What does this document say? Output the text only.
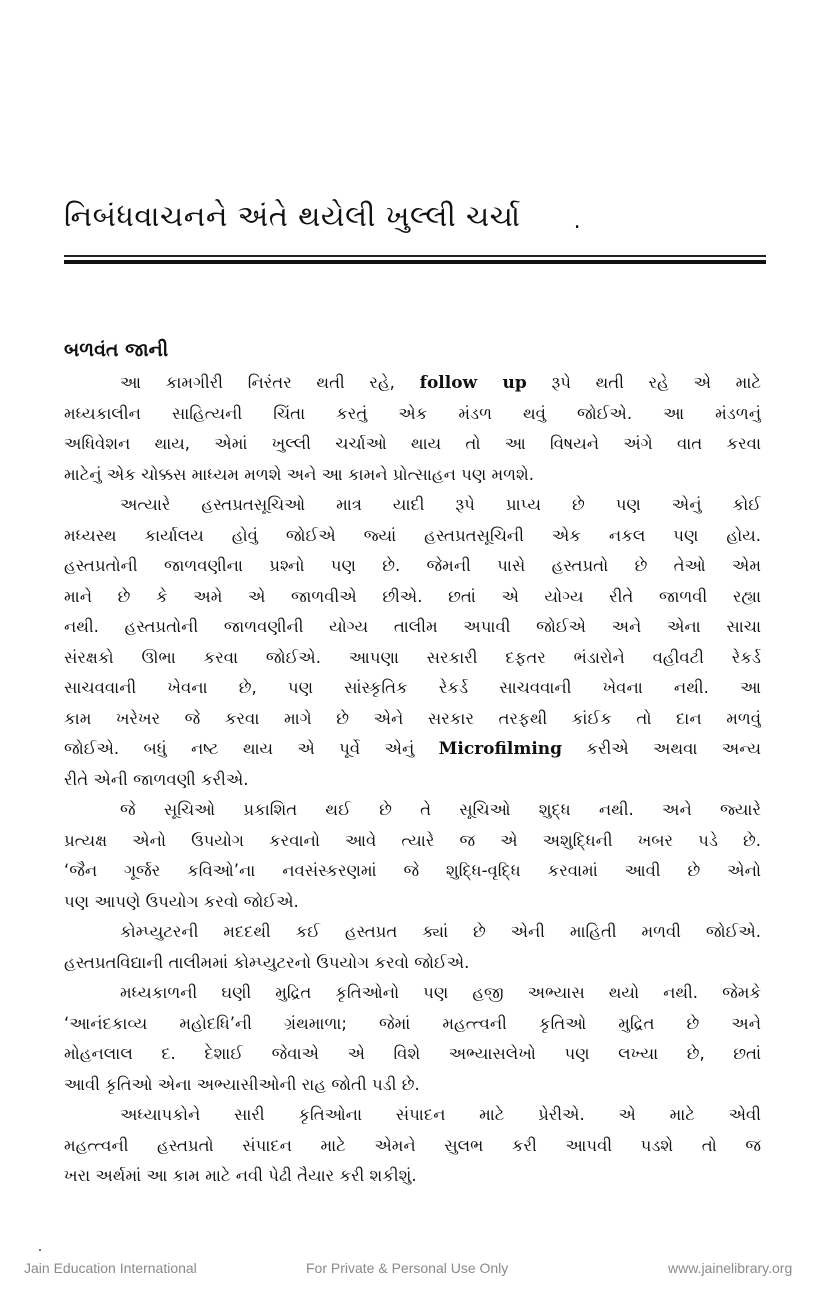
નિબંધવાચનને અંતે થયેલી ખુલ્લી ચર્ચા .
બળવંત જાની
આ કામગીરી નિરંતર થતી રહે, follow up રૂપે થતી રહે એ માટે
મધ્યકાલીન સાહિત્યની ચિંતા કરતું એક મંડળ થવું જોઈએ. આ મંડળનું
અધિવેશન થાય, એમાં ખુલ્લી ચર્ચાઓ થાય તો આ વિષયને અંગે વાત કરવા
માટેનું એક ચોક્કસ માધ્યમ મળશે અને આ કામને પ્રોત્સાહન પણ મળશે.
અત્યારે હસ્તપ્રતસૂચિઓ માત્ર યાદી રૂપે પ્રાપ્ય છે પણ એનું કોઈ
મધ્યસ્થ કાર્યાલય હોવું જોઈએ જ્યાં હસ્તપ્રતસૂચિની એક નકલ પણ હોય.
હસ્તપ્રતોની જાળવણીના પ્રશ્નો પણ છે. જેમની પાસે હસ્તપ્રતો છે તેઓ એમ
માને છે કે અમે એ જાળવીએ છીએ. છતાં એ યોગ્ય રીતે જાળવી રહ્યા
નથી. હસ્તપ્રતોની જાળવણીની યોગ્ય તાલીમ અપાવી જોઈએ અને એના સાચા
સંરક્ષકો ઊભા કરવા જોઈએ. આપણા સરકારી દફતર ભંડારોને વહીવટી રેકર્ડ
સાચવવાની ખેવના છે, પણ સાંસ્કૃતિક રેકર્ડ સાચવવાની ખેવના નથી. આ
કામ ખરેખર જે કરવા માગે છે એને સરકાર તરફથી કાંઈક તો દાન મળવું
જોઈએ. બધું નષ્ટ થાય એ પૂર્વે એનું Microfilming કરીએ અથવા અન્ય
રીતે એની જાળવણી કરીએ.
જે સૂચિઓ પ્રકાશિત થઈ છે તે સૂચિઓ શુદ્ધ નથી. અને જ્યારે
પ્રત્યક્ષ એનો ઉપયોગ કરવાનો આવે ત્યારે જ એ અશુદ્ધિની ખબર પડે છે.
‘જૈન ગૂર્જર કવિઓ’ના નવસંસ્કરણમાં જે શુદ્ધિ-વૃદ્ધિ કરવામાં આવી છે એનો
પણ આપણે ઉપયોગ કરવો જોઈએ.
કોમ્પ્યુટરની મદદથી કઈ હસ્તપ્રત ક્યાં છે એની માહિતી મળવી જોઈએ.
હસ્તપ્રતવિદ્યાની તાલીમમાં કોમ્પ્યુટરનો ઉપયોગ કરવો જોઈએ.
મધ્યકાળની ઘણી મુદ્રિત કૃતિઓનો પણ હજી અભ્યાસ થયો નથી. જેમકે
‘આનંદકાવ્ય મહોદધિ’ની ગ્રંથમાળા; જેમાં મહત્ત્વની કૃતિઓ મુદ્રિત છે અને
મોહનલાલ દ. દેશાઈ જેવાએ એ વિશે અભ્યાસલેખો પણ લખ્યા છે, છતાં
આવી કૃતિઓ એના અભ્યાસીઓની રાહ જોતી પડી છે.
અધ્યાપકોને સારી કૃતિઓના સંપાદન માટે પ્રેરીએ. એ માટે એવી
મહત્ત્વની હસ્તપ્રતો સંપાદન માટે એમને સુલભ કરી આપવી પડશે તો જ
ખરા અર્થમાં આ કામ માટે નવી પેઢી તૈયાર કરી શકીશું.
Jain Education International	For Private & Personal Use Only	www.jainelibrary.org
